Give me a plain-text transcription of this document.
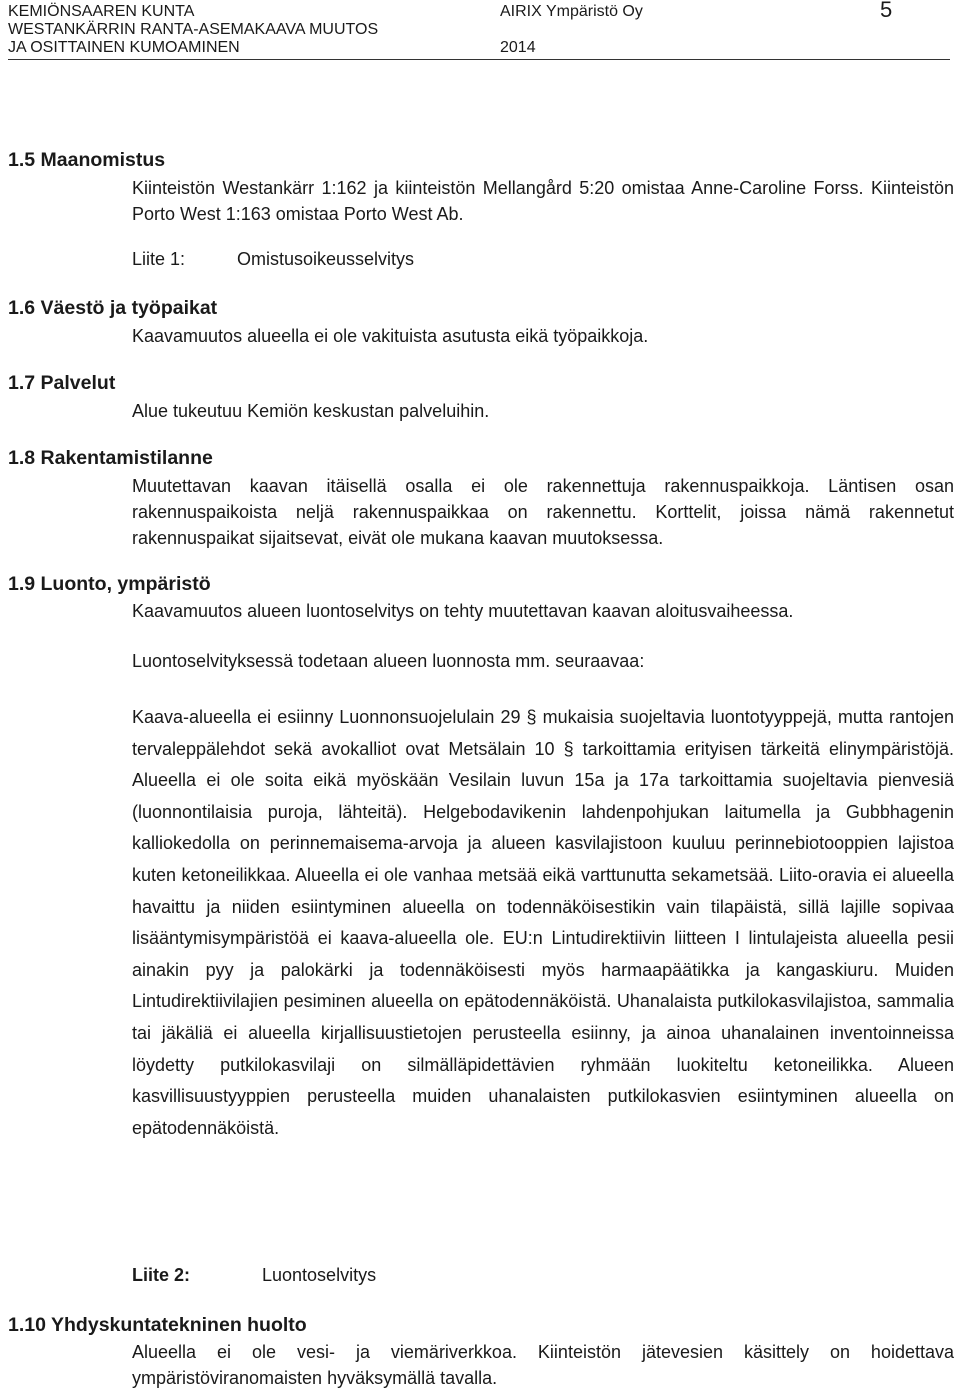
KEMIÖNSAAREN KUNTA
WESTANKÄRRIN RANTA-ASEMAKAAVA MUUTOS
JA OSITTAINEN KUMOAMINEN
AIRIX Ympäristö Oy
2014
5
1.5 Maanomistus
Kiinteistön Westankärr 1:162 ja kiinteistön Mellangård 5:20 omistaa Anne-Caroline Forss. Kiinteistön Porto West 1:163 omistaa Porto West Ab.
Liite 1:	Omistusoikeusselvitys
1.6 Väestö ja työpaikat
Kaavamuutos alueella ei ole vakituista asutusta eikä työpaikkoja.
1.7 Palvelut
Alue tukeutuu Kemiön keskustan palveluihin.
1.8 Rakentamistilanne
Muutettavan kaavan itäisellä osalla ei ole rakennettuja rakennuspaikkoja. Läntisen osan rakennuspaikoista neljä rakennuspaikkaa on rakennettu. Korttelit, joissa nämä rakennetut rakennuspaikat sijaitsevat, eivät ole mukana kaavan muutoksessa.
1.9 Luonto, ympäristö
Kaavamuutos alueen luontoselvitys on tehty muutettavan kaavan aloitusvaiheessa.
Luontoselvityksessä todetaan alueen luonnosta mm. seuraavaa:
Kaava-alueella ei esiinny Luonnonsuojelulain 29 § mukaisia suojeltavia luontotyyppejä, mutta rantojen tervaleppälehdot sekä avokalliot ovat Metsälain 10 § tarkoittamia erityisen tärkeitä elinympäristöjä. Alueella ei ole soita eikä myöskään Vesilain luvun 15a ja 17a tarkoittamia suojeltavia pienvesiä (luonnontilaisia puroja, lähteitä). Helgebodavikenin lahdenpohjukan laitumella ja Gubbhagenin kalliokedolla on perinnemaisema-arvoja ja alueen kasvilajistoon kuuluu perinnebiotooppien lajistoa kuten ketoneilikkaa. Alueella ei ole vanhaa metsää eikä varttunutta sekametsää. Liito-oravia ei alueella havaittu ja niiden esiintyminen alueella on todennäköisestikin vain tilapäistä, sillä lajille sopivaa lisääntymisympäristöä ei kaava-alueella ole. EU:n Lintudirektiivin liitteen I lintulajeista alueella pesii ainakin pyy ja palokärki ja todennäköisesti myös harmaapäätikka ja kangaskiuru. Muiden Lintudirektiivilajien pesiminen alueella on epätodennäköistä. Uhanalaista putkilokasvilajistoa, sammalia tai jäkäliä ei alueella kirjallisuustietojen perusteella esiinny, ja ainoa uhanalainen inventoinneissa löydetty putkilokasvilaji on silmälläpidettävien ryhmään luokiteltu ketoneilikka. Alueen kasvillisuustyyppien perusteella muiden uhanalaisten putkilokasvien esiintyminen alueella on epätodennäköistä.
Liite 2:	Luontoselvitys
1.10 Yhdyskuntatekninen huolto
Alueella ei ole vesi- ja viemäriverkkoa. Kiinteistön jätevesien käsittely on hoidettava ympäristöviranomaisten hyväksymällä tavalla.
